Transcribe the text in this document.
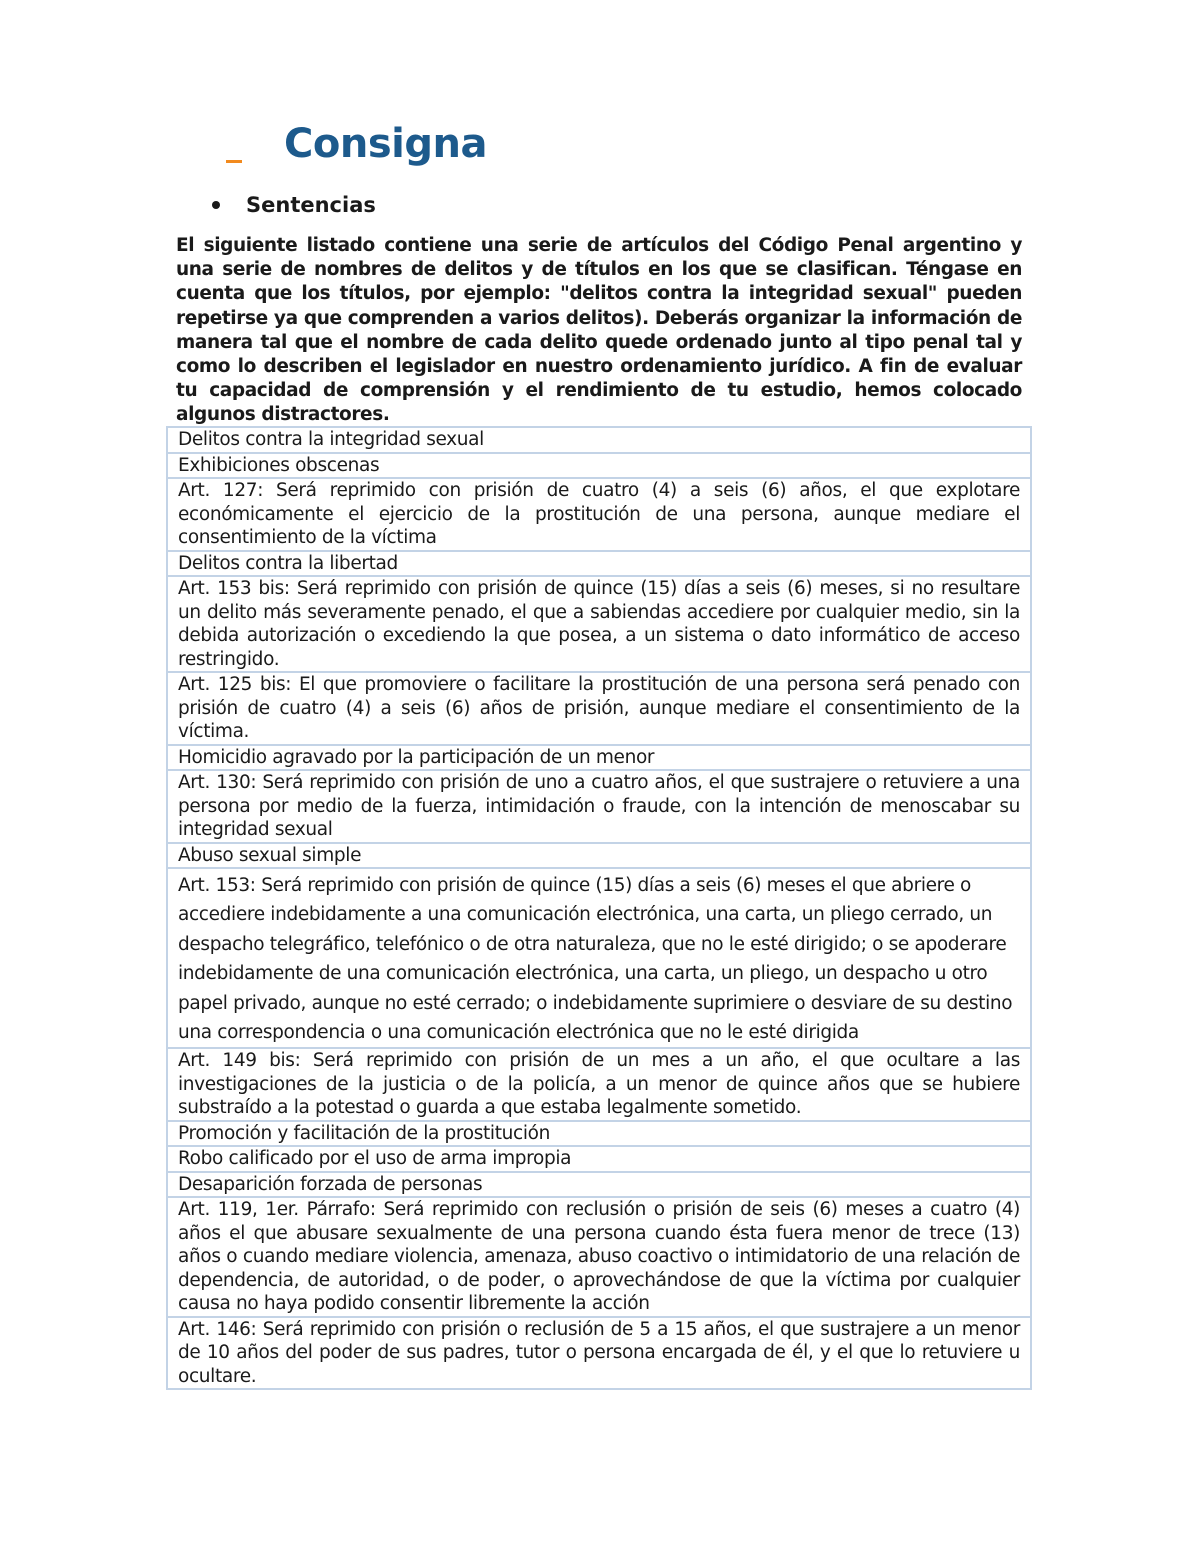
Consigna
Sentencias

El siguiente listado contiene una serie de artículos del Código Penal argentino y una serie de nombres de delitos y de títulos en los que se clasifican. Téngase en cuenta que los títulos, por ejemplo: "delitos contra la integridad sexual" pueden repetirse ya que comprenden a varios delitos). Deberás organizar la información de manera tal que el nombre de cada delito quede ordenado junto al tipo penal tal y como lo describen el legislador en nuestro ordenamiento jurídico. A fin de evaluar tu capacidad de comprensión y el rendimiento de tu estudio, hemos colocado algunos distractores.

Delitos contra la integridad sexual
Exhibiciones obscenas
Art. 127: Será reprimido con prisión de cuatro (4) a seis (6) años, el que explotare económicamente el ejercicio de la prostitución de una persona, aunque mediare el consentimiento de la víctima
Delitos contra la libertad
Art. 153 bis: Será reprimido con prisión de quince (15) días a seis (6) meses, si no resultare un delito más severamente penado, el que a sabiendas accediere por cualquier medio, sin la debida autorización o excediendo la que posea, a un sistema o dato informático de acceso restringido.
Art. 125 bis: El que promoviere o facilitare la prostitución de una persona será penado con prisión de cuatro (4) a seis (6) años de prisión, aunque mediare el consentimiento de la víctima.
Homicidio agravado por la participación de un menor
Art. 130: Será reprimido con prisión de uno a cuatro años, el que sustrajere o retuviere a una persona por medio de la fuerza, intimidación o fraude, con la intención de menoscabar su integridad sexual
Abuso sexual simple
Art. 153: Será reprimido con prisión de quince (15) días a seis (6) meses el que abriere o accediere indebidamente a una comunicación electrónica, una carta, un pliego cerrado, un despacho telegráfico, telefónico o de otra naturaleza, que no le esté dirigido; o se apoderare indebidamente de una comunicación electrónica, una carta, un pliego, un despacho u otro papel privado, aunque no esté cerrado; o indebidamente suprimiere o desviare de su destino una correspondencia o una comunicación electrónica que no le esté dirigida
Art. 149 bis: Será reprimido con prisión de un mes a un año, el que ocultare a las investigaciones de la justicia o de la policía, a un menor de quince años que se hubiere substraído a la potestad o guarda a que estaba legalmente sometido.
Promoción y facilitación de la prostitución
Robo calificado por el uso de arma impropia
Desaparición forzada de personas
Art. 119, 1er. Párrafo: Será reprimido con reclusión o prisión de seis (6) meses a cuatro (4) años el que abusare sexualmente de una persona cuando ésta fuera menor de trece (13) años o cuando mediare violencia, amenaza, abuso coactivo o intimidatorio de una relación de dependencia, de autoridad, o de poder, o aprovechándose de que la víctima por cualquier causa no haya podido consentir libremente la acción
Art. 146: Será reprimido con prisión o reclusión de 5 a 15 años, el que sustrajere a un menor de 10 años del poder de sus padres, tutor o persona encargada de él, y el que lo retuviere u ocultare.
